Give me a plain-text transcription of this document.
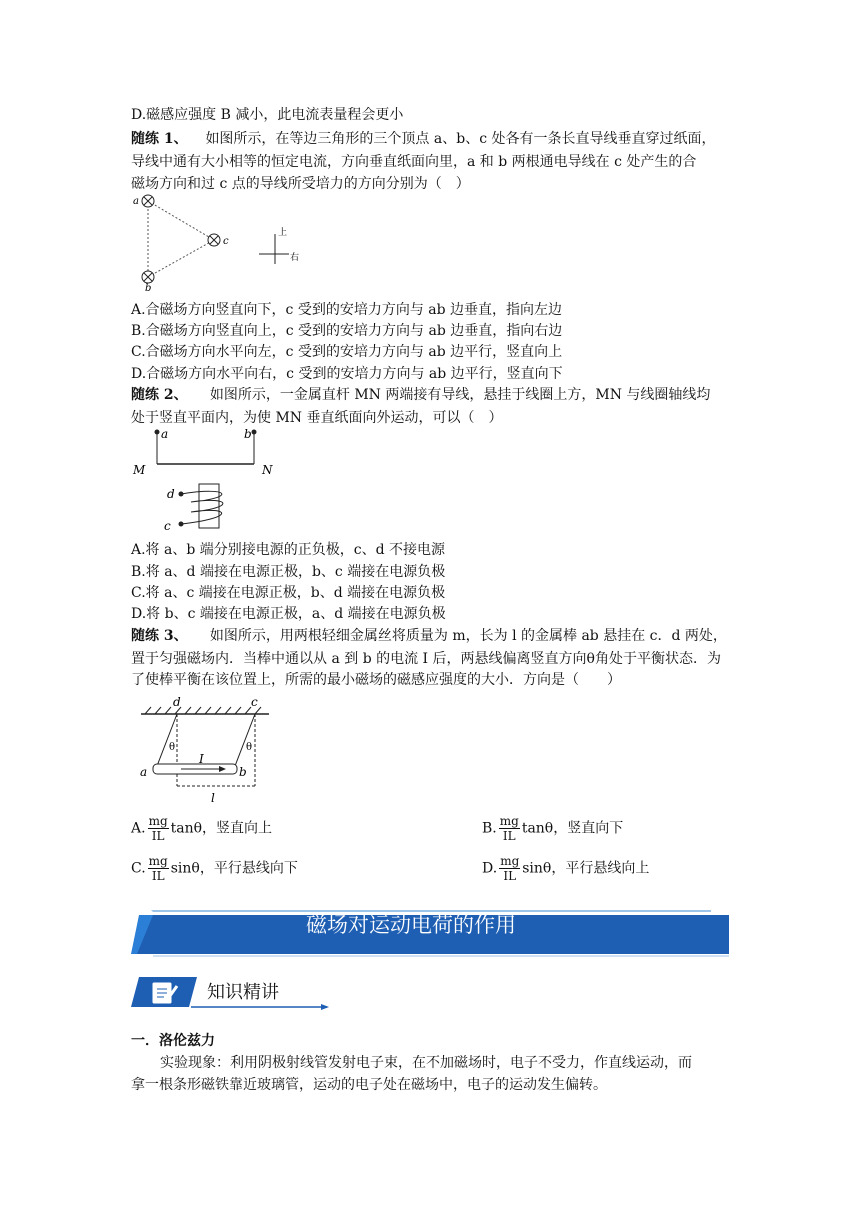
D.磁感应强度 B 减小，此电流表量程会更小
随练 1、 如图所示，在等边三角形的三个顶点 a、b、c 处各有一条长直导线垂直穿过纸面，
导线中通有大小相等的恒定电流，方向垂直纸面向里，a 和 b 两根通电导线在 c 处产生的合
磁场方向和过 c 点的导线所受培力的方向分别为（　）
a
c
b
上
右
A.合磁场方向竖直向下，c 受到的安培力方向与 ab 边垂直，指向左边
B.合磁场方向竖直向上，c 受到的安培力方向与 ab 边垂直，指向右边
C.合磁场方向水平向左，c 受到的安培力方向与 ab 边平行，竖直向上
D.合磁场方向水平向右，c 受到的安培力方向与 ab 边平行，竖直向下
随练 2、 如图所示，一金属直杆 MN 两端接有导线，悬挂于线圈上方，MN 与线圈轴线均
处于竖直平面内，为使 MN 垂直纸面向外运动，可以（　）
a	b
M	N
d
c
A.将 a、b 端分别接电源的正负极，c、d 不接电源
B.将 a、d 端接在电源正极，b、c 端接在电源负极
C.将 a、c 端接在电源正极，b、d 端接在电源负极
D.将 b、c 端接在电源正极，a、d 端接在电源负极
随练 3、 如图所示，用两根轻细金属丝将质量为 m，长为 l 的金属棒 ab 悬挂在 c．d 两处，
置于匀强磁场内．当棒中通以从 a 到 b 的电流 I 后，两悬线偏离竖直方向θ角处于平衡状态．为
了使棒平衡在该位置上，所需的最小磁场的磁感应强度的大小．方向是（　　）
d	c
I
a	b
θ	θ
l
A. $\frac{mg}{IL}$ tanθ，竖直向上	B. $\frac{mg}{IL}$ tanθ，竖直向下
C. $\frac{mg}{IL}$ sinθ，平行悬线向下	D. $\frac{mg}{IL}$ sinθ，平行悬线向上
磁场对运动电荷的作用
知识精讲
一．洛伦兹力
实验现象：利用阴极射线管发射电子束，在不加磁场时，电子不受力，作直线运动，而
拿一根条形磁铁靠近玻璃管，运动的电子处在磁场中，电子的运动发生偏转。
